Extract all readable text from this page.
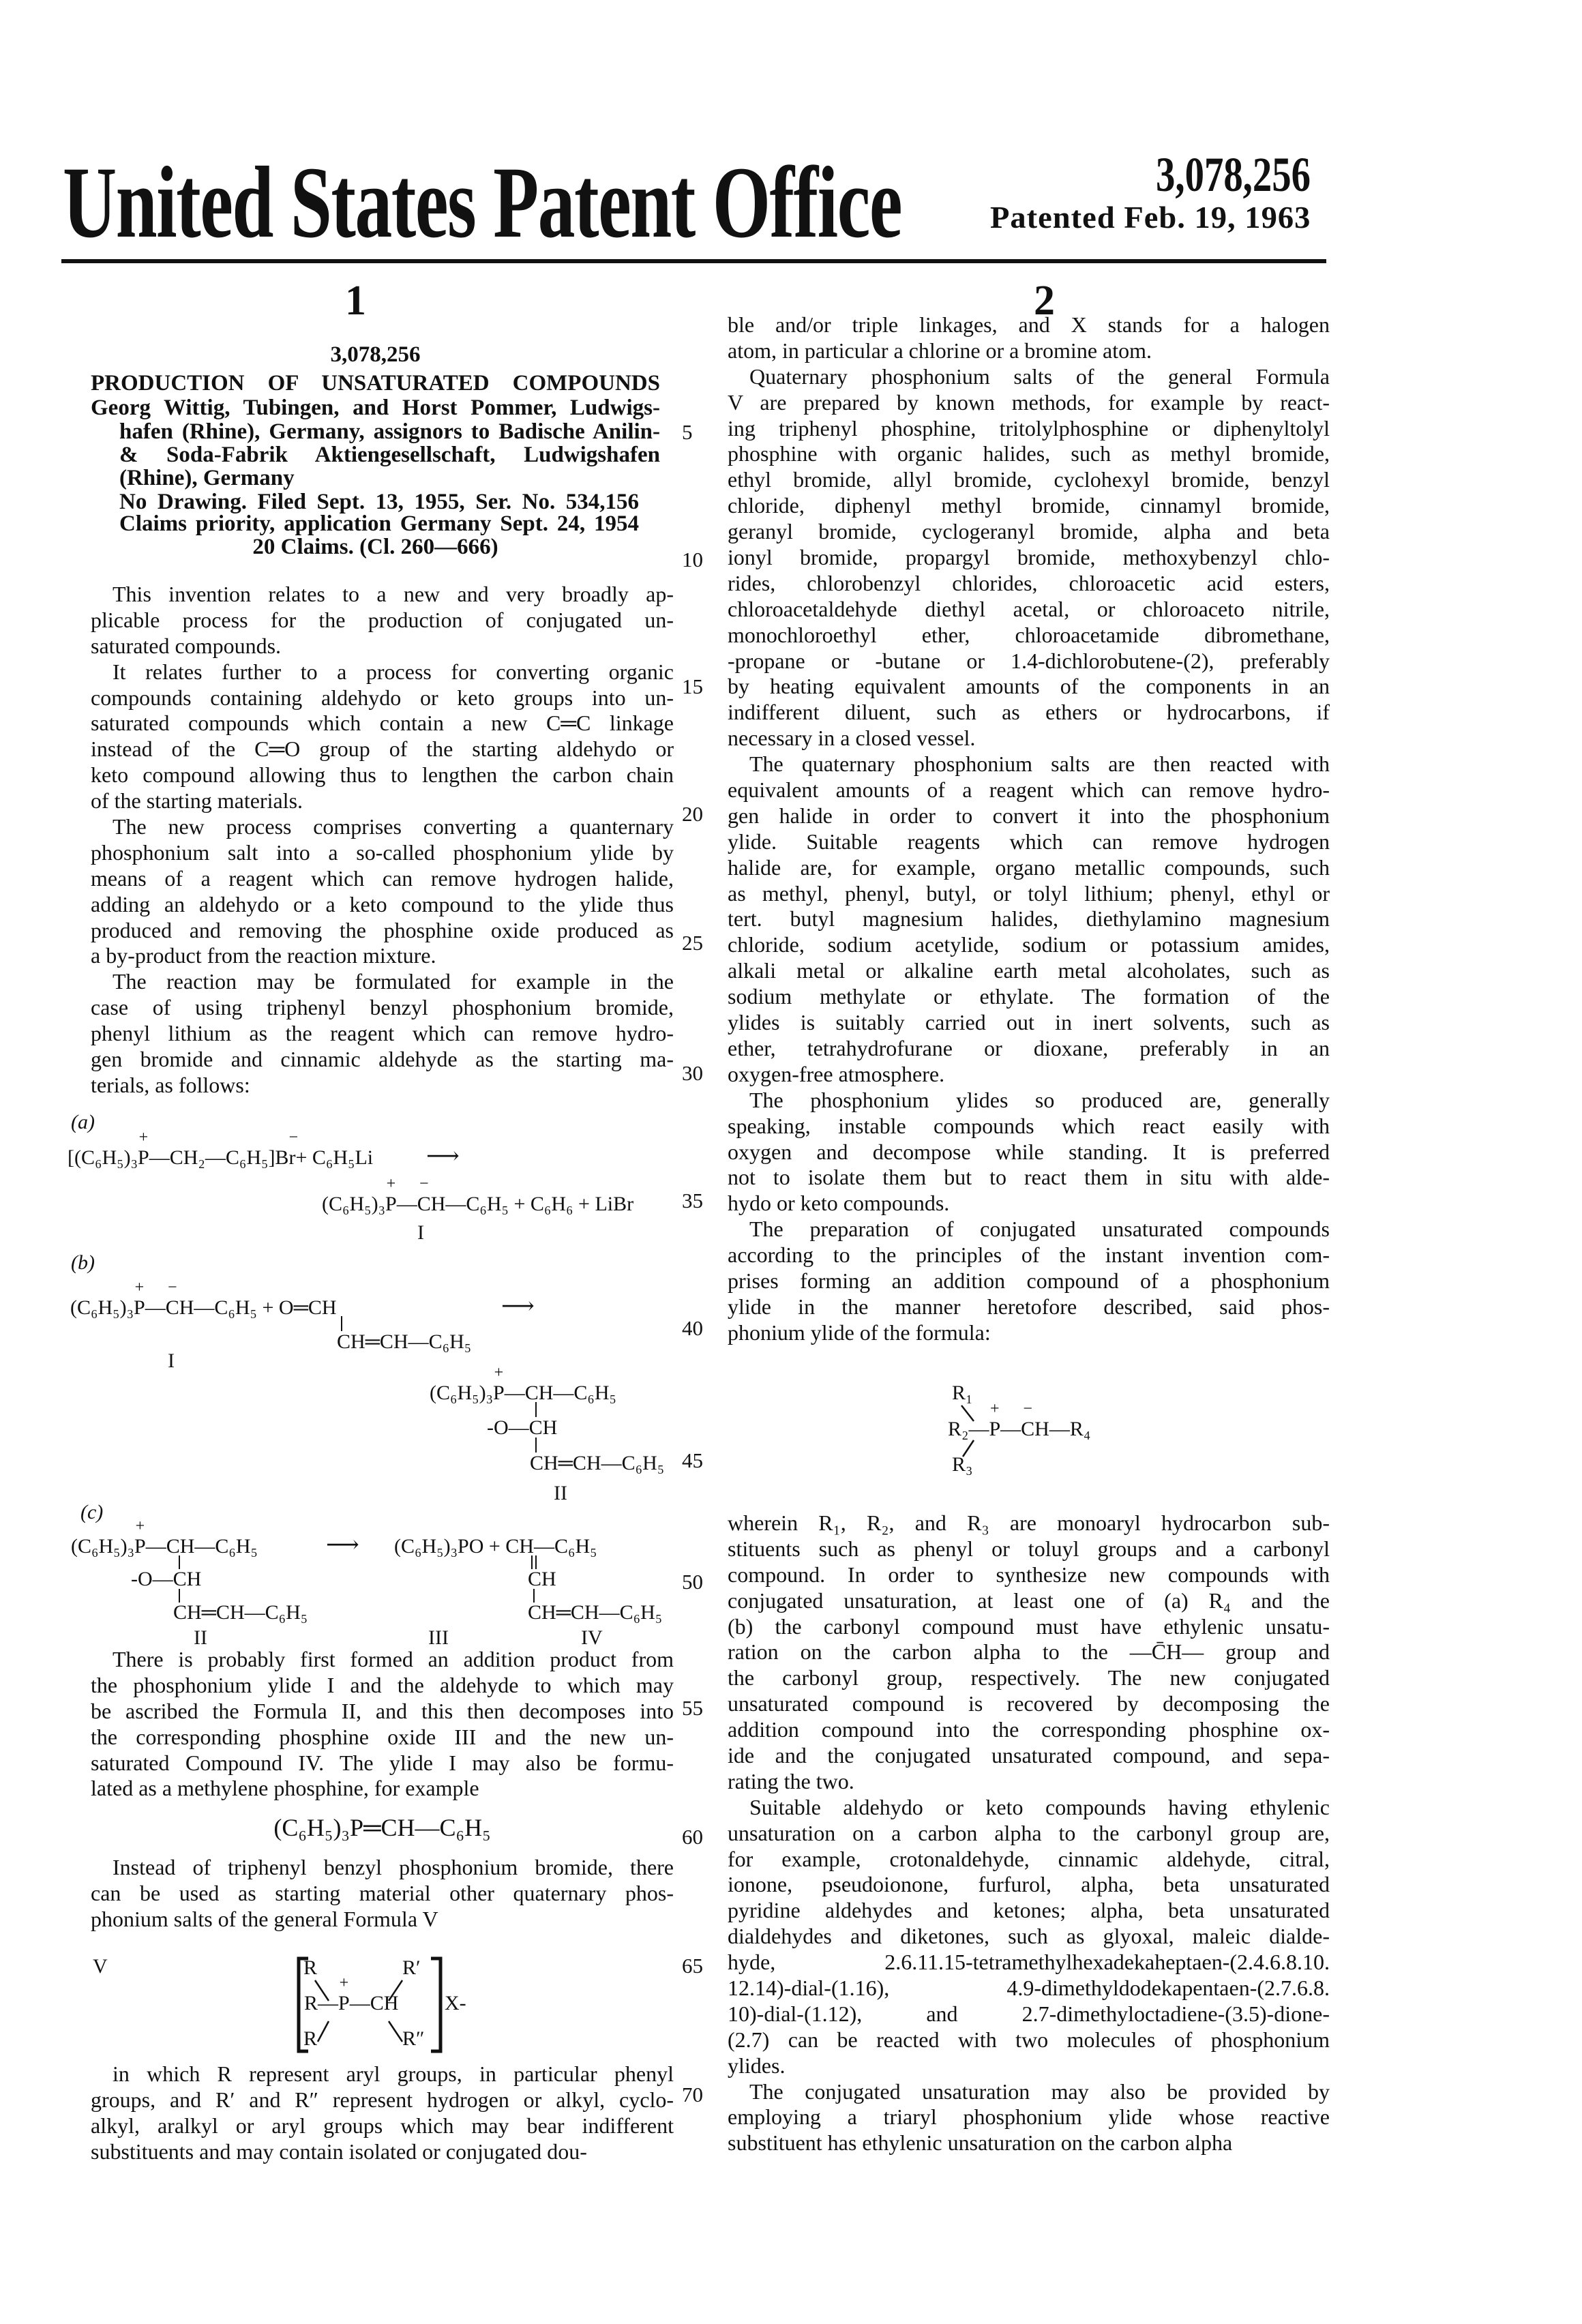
United States Patent Office	3,078,256
Patented Feb. 19, 1963
1	2
3,078,256
PRODUCTION OF UNSATURATED COMPOUNDS
Georg Wittig, Tubingen, and Horst Pommer, Ludwigs-
hafen (Rhine), Germany, assignors to Badische Anilin-
& Soda-Fabrik Aktiengesellschaft, Ludwigshafen
(Rhine), Germany
No Drawing. Filed Sept. 13, 1955, Ser. No. 534,156
Claims priority, application Germany Sept. 24, 1954
20 Claims. (Cl. 260—666)
This invention relates to a new and very broadly ap-
plicable process for the production of conjugated un-
saturated compounds.
It relates further to a process for converting organic
compounds containing aldehydo or keto groups into un-
saturated compounds which contain a new C═C linkage
instead of the C═O group of the starting aldehydo or
keto compound allowing thus to lengthen the carbon chain
of the starting materials.
The new process comprises converting a quanternary
phosphonium salt into a so-called phosphonium ylide by
means of a reagent which can remove hydrogen halide,
adding an aldehydo or a keto compound to the ylide thus
produced and removing the phosphine oxide produced as
a by-product from the reaction mixture.
The reaction may be formulated for example in the
case of using triphenyl benzyl phosphonium bromide,
phenyl lithium as the reagent which can remove hydro-
gen bromide and cinnamic aldehyde as the starting ma-
terials, as follows:
There is probably first formed an addition product from
the phosphonium ylide I and the aldehyde to which may
be ascribed the Formula II, and this then decomposes into
the corresponding phosphine oxide III and the new un-
saturated Compound IV. The ylide I may also be formu-
lated as a methylene phosphine, for example
Instead of triphenyl benzyl phosphonium bromide, there
can be used as starting material other quaternary phos-
phonium salts of the general Formula V
in which R represent aryl groups, in particular phenyl
groups, and R′ and R″ represent hydrogen or alkyl, cyclo-
alkyl, aralkyl or aryl groups which may bear indifferent
substituents and may contain isolated or conjugated dou-
ble and/or triple linkages, and X stands for a halogen
atom, in particular a chlorine or a bromine atom.
Quaternary phosphonium salts of the general Formula
V are prepared by known methods, for example by react-
ing triphenyl phosphine, tritolylphosphine or diphenyltolyl
phosphine with organic halides, such as methyl bromide,
ethyl bromide, allyl bromide, cyclohexyl bromide, benzyl
chloride, diphenyl methyl bromide, cinnamyl bromide,
geranyl bromide, cyclogeranyl bromide, alpha and beta
ionyl bromide, propargyl bromide, methoxybenzyl chlo-
rides, chlorobenzyl chlorides, chloroacetic acid esters,
chloroacetaldehyde diethyl acetal, or chloroaceto nitrile,
monochloroethyl ether, chloroacetamide dibromethane,
-propane or -butane or 1.4-dichlorobutene-(2), preferably
by heating equivalent amounts of the components in an
indifferent diluent, such as ethers or hydrocarbons, if
necessary in a closed vessel.
The quaternary phosphonium salts are then reacted with
equivalent amounts of a reagent which can remove hydro-
gen halide in order to convert it into the phosphonium
ylide. Suitable reagents which can remove hydrogen
halide are, for example, organo metallic compounds, such
as methyl, phenyl, butyl, or tolyl lithium; phenyl, ethyl or
tert. butyl magnesium halides, diethylamino magnesium
chloride, sodium acetylide, sodium or potassium amides,
alkali metal or alkaline earth metal alcoholates, such as
sodium methylate or ethylate. The formation of the
ylides is suitably carried out in inert solvents, such as
ether, tetrahydrofurane or dioxane, preferably in an
oxygen-free atmosphere.
The phosphonium ylides so produced are, generally
speaking, instable compounds which react easily with
oxygen and decompose while standing. It is preferred
not to isolate them but to react them in situ with alde-
hydo or keto compounds.
The preparation of conjugated unsaturated compounds
according to the principles of the instant invention com-
prises forming an addition compound of a phosphonium
ylide in the manner heretofore described, said phos-
phonium ylide of the formula:
wherein R₁, R₂, and R₃ are monoaryl hydrocarbon sub-
stituents such as phenyl or toluyl groups and a carbonyl
compound. In order to synthesize new compounds with
conjugated unsaturation, at least one of (a) R₄ and the
(b) the carbonyl compound must have ethylenic unsatu-
ration on the carbon alpha to the —C̄H— group and
the carbonyl group, respectively. The new conjugated
unsaturated compound is recovered by decomposing the
addition compound into the corresponding phosphine ox-
ide and the conjugated unsaturated compound, and sepa-
rating the two.
Suitable aldehydo or keto compounds having ethylenic
unsaturation on a carbon alpha to the carbonyl group are,
for example, crotonaldehyde, cinnamic aldehyde, citral,
ionone, pseudoionone, furfurol, alpha, beta unsaturated
pyridine aldehydes and ketones; alpha, beta unsaturated
dialdehydes and diketones, such as glyoxal, maleic dialde-
hyde, 2.6.11.15-tetramethylhexadekaheptaen-(2.4.6.8.10.
12.14)-dial-(1.16), 4.9-dimethyldodekapentaen-(2.7.6.8.
10)-dial-(1.12), and 2.7-dimethyloctadiene-(3.5)-dione-
(2.7) can be reacted with two molecules of phosphonium
ylides.
The conjugated unsaturation may also be provided by
employing a triaryl phosphonium ylide whose reactive
substituent has ethylenic unsaturation on the carbon alpha
5
10
15
20
25
30
35
40
45
50
55
60
65
70
(a)
[(C₆H₅)₃P
+
—CH₂—C₆H₅]Br
−
+ C₆H₅Li ⟶
(C₆H₅)₃P
+
—C
−
H—C₆H₅ + C₆H₆ + LiBr
I
(b)
(C₆H₅)₃P
+
—C
−
H—C₆H₅ + O═CH	⟶
CH═CH—C₆H₅
I
(C₆H₅)₃P
+
—CH—C₆H₅
-O—CH
CH═CH—C₆H₅
II
(c)
(C₆H₅)₃P
+
—CH—C₆H₅
-O—CH
CH═CH—C₆H₅
⟶ (C₆H₅)₃PO + CH—C₆H₅
CH
CH═CH—C₆H₅
II	III	IV
(C₆H₅)₃P═CH—C₆H₅
V	R	R′
R—P
+
—CH X-
R	R″
R₁
R₂—P
+
—C
−
H—R₄
R₃
